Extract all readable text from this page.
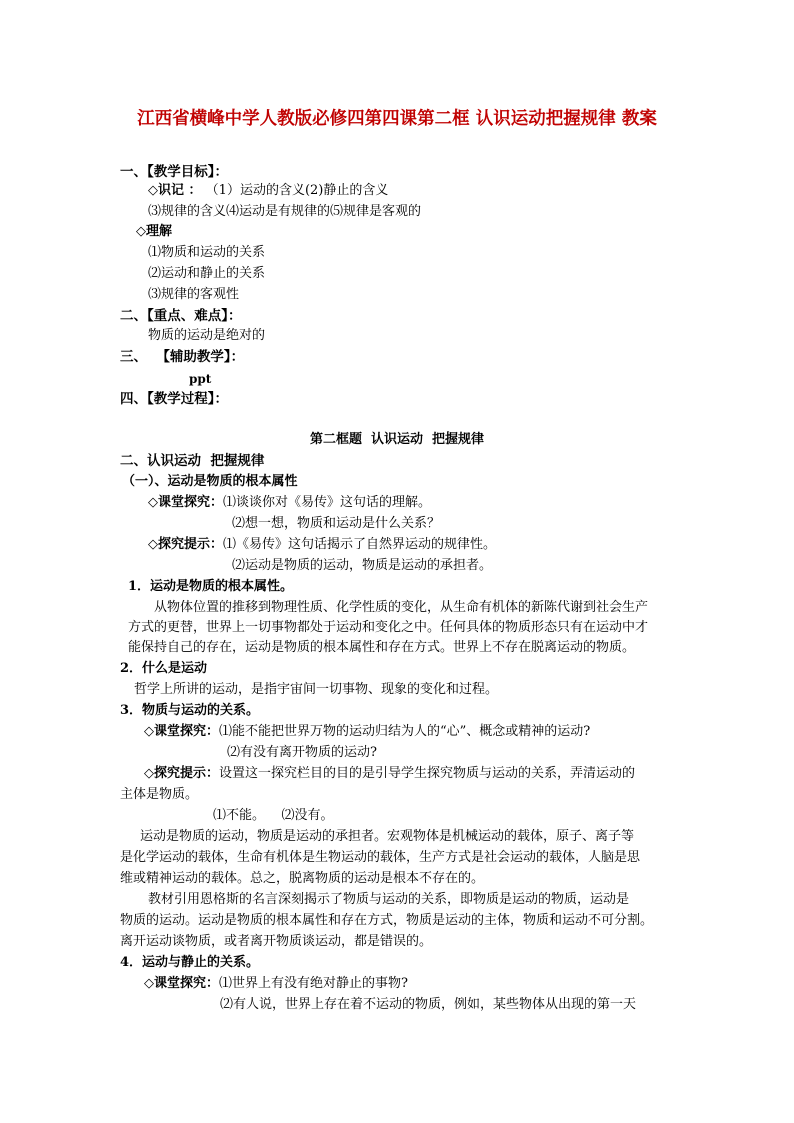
江西省横峰中学人教版必修四第四课第二框 认识运动把握规律 教案
一、【教学目标】：
◇识记 ： （1）运动的含义(2)静止的含义
⑶规律的含义⑷运动是有规律的⑸规律是客观的
◇理解
⑴物质和运动的关系
⑵运动和静止的关系
⑶规律的客观性
二、【重点、难点】：
物质的运动是绝对的
三、  【辅助教学】：
ppt
四、【教学过程】：
第二框题  认识运动  把握规律
二、认识运动  把握规律
（一）、运动是物质的根本属性
◇课堂探究：⑴谈谈你对《易传》这句话的理解。
⑵想一想，物质和运动是什么关系？
◇探究提示：⑴《易传》这句话揭示了自然界运动的规律性。
⑵运动是物质的运动，物质是运动的承担者。
1．运动是物质的根本属性。
从物体位置的推移到物理性质、化学性质的变化，从生命有机体的新陈代谢到社会生产
方式的更替，世界上一切事物都处于运动和变化之中。任何具体的物质形态只有在运动中才
能保持自己的存在，运动是物质的根本属性和存在方式。世界上不存在脱离运动的物质。
2．什么是运动
哲学上所讲的运动，是指宇宙间一切事物、现象的变化和过程。
3．物质与运动的关系。
◇课堂探究：⑴能不能把世界万物的运动归结为人的“心”、概念或精神的运动?
⑵有没有离开物质的运动?
◇探究提示：设置这一探究栏目的目的是引导学生探究物质与运动的关系，弄清运动的
主体是物质。
⑴不能。    ⑵没有。
运动是物质的运动，物质是运动的承担者。宏观物体是机械运动的载体，原子、离子等
是化学运动的载体，生命有机体是生物运动的载体，生产方式是社会运动的载体，人脑是思
维或精神运动的载体。总之，脱离物质的运动是根本不存在的。
教材引用恩格斯的名言深刻揭示了物质与运动的关系，即物质是运动的物质，运动是
物质的运动。运动是物质的根本属性和存在方式，物质是运动的主体，物质和运动不可分割。
离开运动谈物质，或者离开物质谈运动，都是错误的。
4．运动与静止的关系。
◇课堂探究：⑴世界上有没有绝对静止的事物?
⑵有人说，世界上存在着不运动的物质，例如，某些物体从出现的第一天
